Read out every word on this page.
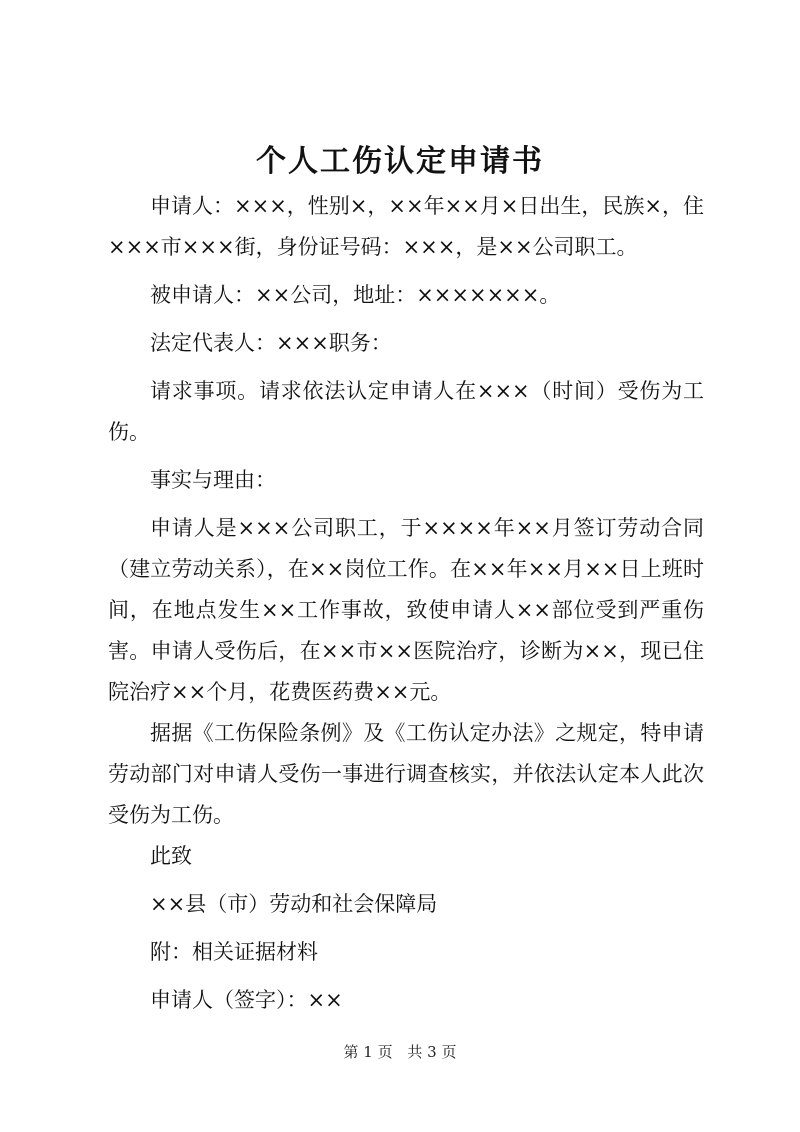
个人工伤认定申请书

申请人：×××，性别×，××年××月×日出生，民族×，住×××市×××街，身份证号码：×××，是××公司职工。

被申请人：××公司，地址：×××××××。

法定代表人：×××职务：

请求事项。请求依法认定申请人在×××（时间）受伤为工伤。

事实与理由：

申请人是×××公司职工，于××××年××月签订劳动合同（建立劳动关系），在××岗位工作。在××年××月××日上班时间，在地点发生××工作事故，致使申请人××部位受到严重伤害。申请人受伤后，在××市××医院治疗，诊断为××，现已住院治疗××个月，花费医药费××元。

据据《工伤保险条例》及《工伤认定办法》之规定，特申请劳动部门对申请人受伤一事进行调查核实，并依法认定本人此次受伤为工伤。

此致

××县（市）劳动和社会保障局

附：相关证据材料

申请人（签字）：××

第 1 页 共 3 页
